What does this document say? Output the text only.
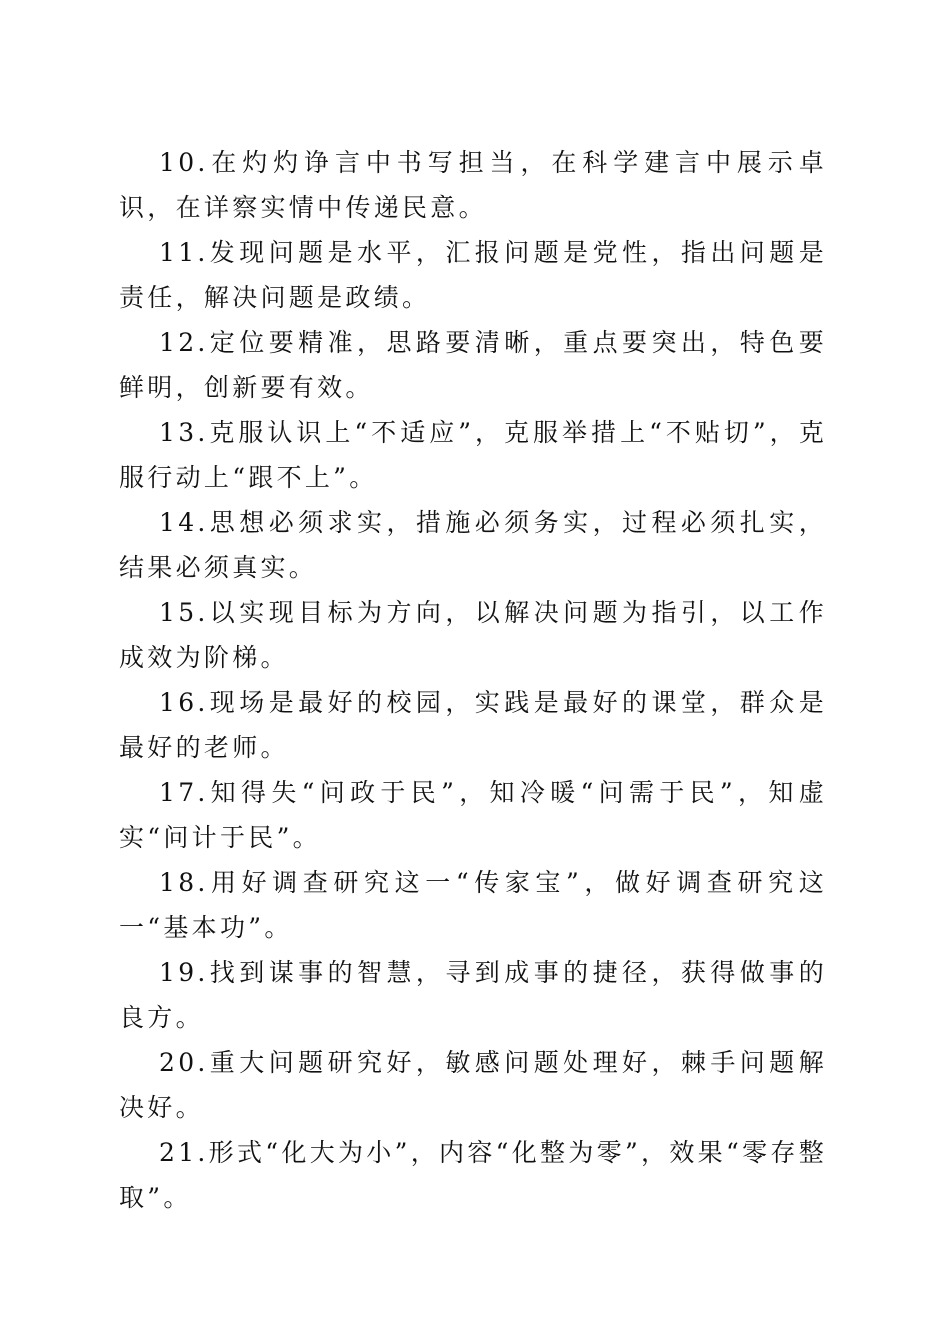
10.在灼灼诤言中书写担当，在科学建言中展示卓识，在详察实情中传递民意。

11.发现问题是水平，汇报问题是党性，指出问题是责任，解决问题是政绩。

12.定位要精准，思路要清晰，重点要突出，特色要鲜明，创新要有效。

13.克服认识上“不适应”，克服举措上“不贴切”，克服行动上“跟不上”。

14.思想必须求实，措施必须务实，过程必须扎实，结果必须真实。

15.以实现目标为方向，以解决问题为指引，以工作成效为阶梯。

16.现场是最好的校园，实践是最好的课堂，群众是最好的老师。

17.知得失“问政于民”，知冷暖“问需于民”，知虚实“问计于民”。

18.用好调查研究这一“传家宝”，做好调查研究这一“基本功”。

19.找到谋事的智慧，寻到成事的捷径，获得做事的良方。

20.重大问题研究好，敏感问题处理好，棘手问题解决好。

21.形式“化大为小”，内容“化整为零”，效果“零存整取”。
